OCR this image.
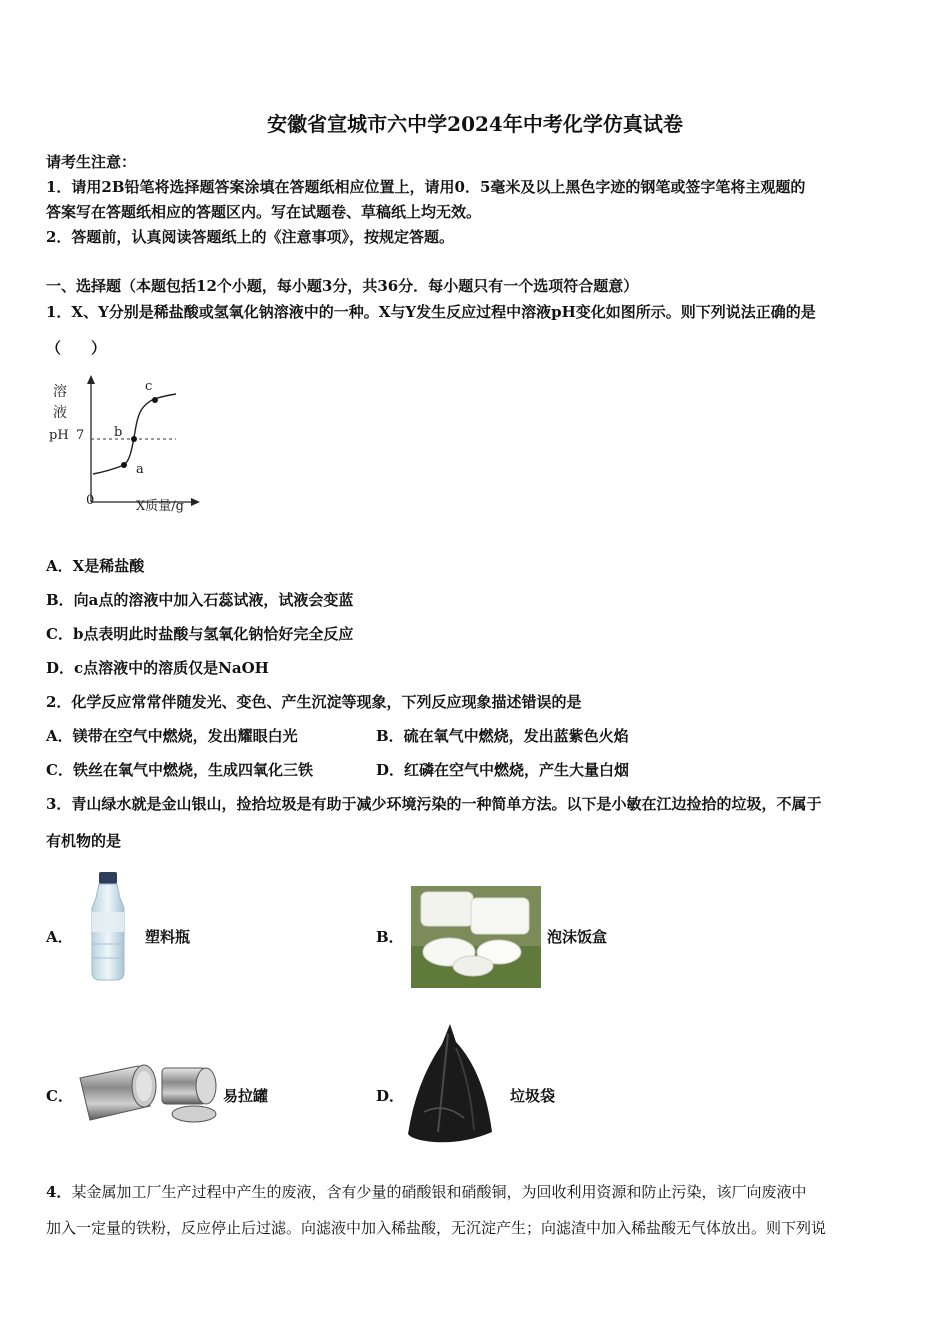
安徽省宣城市六中学2024年中考化学仿真试卷
请考生注意：
1．请用2B铅笔将选择题答案涂填在答题纸相应位置上，请用0．5毫米及以上黑色字迹的钢笔或签字笔将主观题的
答案写在答题纸相应的答题区内。写在试题卷、草稿纸上均无效。
2．答题前，认真阅读答题纸上的《注意事项》，按规定答题。
一、选择题（本题包括12个小题，每小题3分，共36分．每小题只有一个选项符合题意）
1．X、Y分别是稀盐酸或氢氧化钠溶液中的一种。X与Y发生反应过程中溶液pH变化如图所示。则下列说法正确的是
（　　）
溶
液
pH 7
0	X质量/g
a
b
c
A．X是稀盐酸
B．向a点的溶液中加入石蕊试液，试液会变蓝
C．b点表明此时盐酸与氢氧化钠恰好完全反应
D．c点溶液中的溶质仅是NaOH
2．化学反应常常伴随发光、变色、产生沉淀等现象，下列反应现象描述错误的是
A．镁带在空气中燃烧，发出耀眼白光	B．硫在氧气中燃烧，发出蓝紫色火焰
C．铁丝在氧气中燃烧，生成四氧化三铁	D．红磷在空气中燃烧，产生大量白烟
3．青山绿水就是金山银山，捡拾垃圾是有助于减少环境污染的一种简单方法。以下是小敏在江边捡拾的垃圾，不属于
有机物的是
A．	塑料瓶	B．	泡沫饭盒
C．	易拉罐	D．	垃圾袋
4．某金属加工厂生产过程中产生的废液，含有少量的硝酸银和硝酸铜，为回收利用资源和防止污染，该厂向废液中
加入一定量的铁粉，反应停止后过滤。向滤液中加入稀盐酸，无沉淀产生；向滤渣中加入稀盐酸无气体放出。则下列说
